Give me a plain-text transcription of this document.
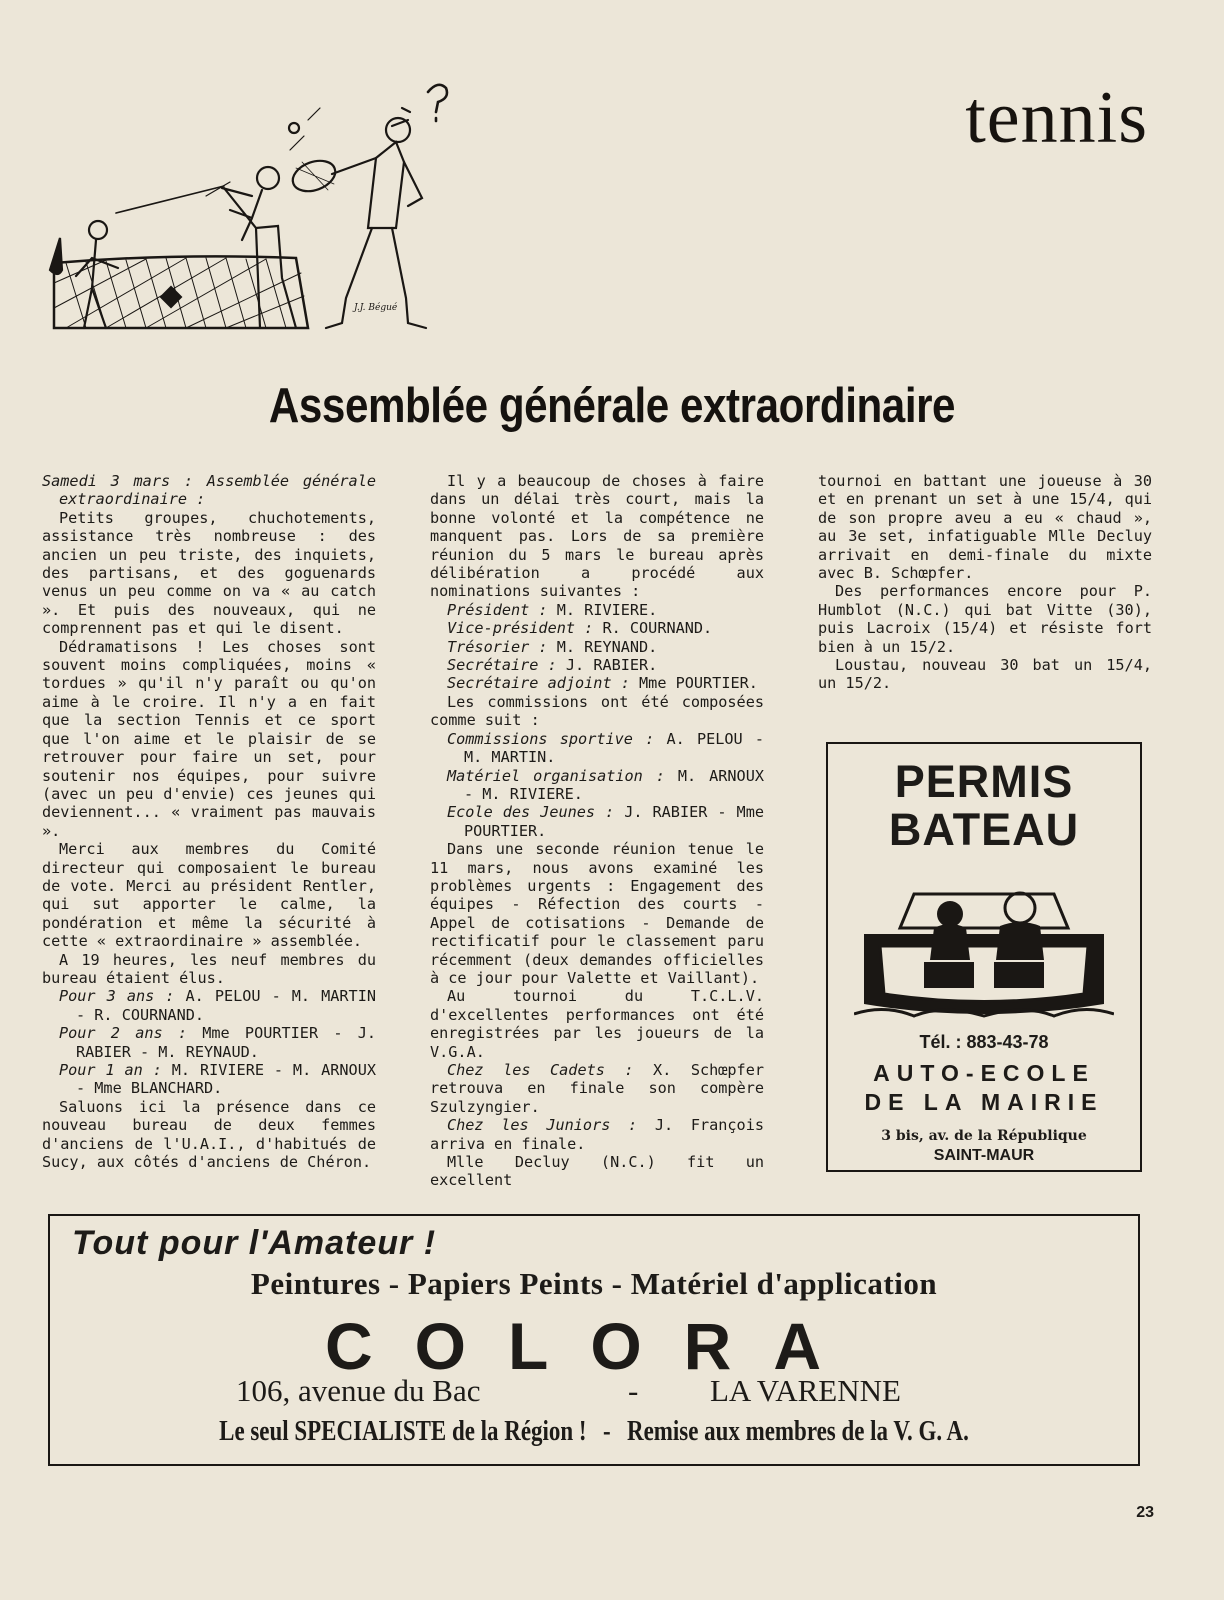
tennis
J.J. Bégué
Assemblée générale extraordinaire

Samedi 3 mars : Assemblée générale extraordinaire :

Petits groupes, chuchotements, assistance très nombreuse : des ancien un peu triste, des inquiets, des partisans, et des goguenards venus un peu comme on va « au catch ». Et puis des nouveaux, qui ne comprennent pas et qui le disent.

Dédramatisons ! Les choses sont souvent moins compliquées, moins « tordues » qu'il n'y paraît ou qu'on aime à le croire. Il n'y a en fait que la section Tennis et ce sport que l'on aime et le plaisir de se retrouver pour faire un set, pour soutenir nos équipes, pour suivre (avec un peu d'envie) ces jeunes qui deviennent... « vraiment pas mauvais ».

Merci aux membres du Comité directeur qui composaient le bureau de vote. Merci au président Rentler, qui sut apporter le calme, la pondération et même la sécurité à cette « extraordinaire » assemblée.

A 19 heures, les neuf membres du bureau étaient élus.

Pour 3 ans : A. PELOU - M. MARTIN - R. COURNAND.

Pour 2 ans : Mme POURTIER - J. RABIER - M. REYNAUD.

Pour 1 an : M. RIVIERE - M. ARNOUX - Mme BLANCHARD.

Saluons ici la présence dans ce nouveau bureau de deux femmes d'anciens de l'U.A.I., d'habitués de Sucy, aux côtés d'anciens de Chéron.

Il y a beaucoup de choses à faire dans un délai très court, mais la bonne volonté et la compétence ne manquent pas. Lors de sa première réunion du 5 mars le bureau après délibération a procédé aux nominations suivantes :

Président : M. RIVIERE.

Vice-président : R. COURNAND.

Trésorier : M. REYNAND.

Secrétaire : J. RABIER.

Secrétaire adjoint : Mme POURTIER.

Les commissions ont été composées comme suit :

Commissions sportive : A. PELOU - M. MARTIN.

Matériel organisation : M. ARNOUX - M. RIVIERE.

Ecole des Jeunes : J. RABIER - Mme POURTIER.

Dans une seconde réunion tenue le 11 mars, nous avons examiné les problèmes urgents : Engagement des équipes - Réfection des courts - Appel de cotisations - Demande de rectificatif pour le classement paru récemment (deux demandes officielles à ce jour pour Valette et Vaillant).

Au tournoi du T.C.L.V. d'excellentes performances ont été enregistrées par les joueurs de la V.G.A.

Chez les Cadets : X. Schœpfer retrouva en finale son compère Szulzyngier.

Chez les Juniors : J. François arriva en finale.

Mlle Decluy (N.C.) fit un excellent

tournoi en battant une joueuse à 30 et en prenant un set à une 15/4, qui de son propre aveu a eu « chaud », au 3e set, infatiguable Mlle Decluy arrivait en demi-finale du mixte avec B. Schœpfer.

Des performances encore pour P. Humblot (N.C.) qui bat Vitte (30), puis Lacroix (15/4) et résiste fort bien à un 15/2.

Loustau, nouveau 30 bat un 15/4, un 15/2.

PERMIS
BATEAU
Tél. : 883-43-78
AUTO-ECOLE
DE LA MAIRIE
3 bis, av. de la République
SAINT-MAUR
Tout pour l'Amateur !
Peintures - Papiers Peints - Matériel d'application
COLORA
106, avenue du Bac	- LA VARENNE
Le seul SPECIALISTE de la Région ! - Remise aux membres de la V. G. A.
23
